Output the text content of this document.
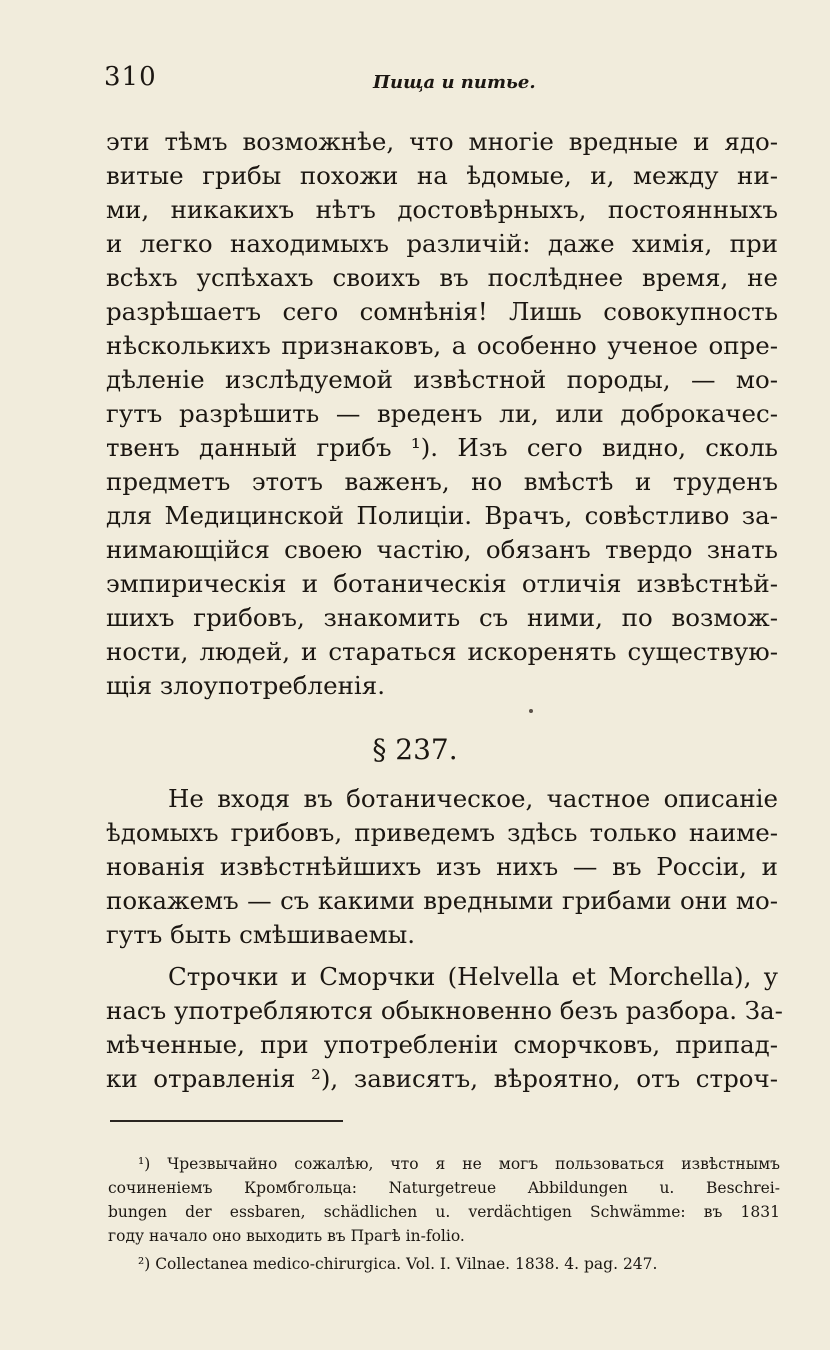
310	Пища и питье.
эти тѣмъ возможнѣе, что многіе вредные и ядо-
витые грибы похожи на ѣдомые, и, между ни-
ми, никакихъ нѣтъ достовѣрныхъ, постоянныхъ
и легко находимыхъ различій: даже химія, при
всѣхъ успѣхахъ своихъ въ послѣднее время, не
разрѣшаетъ сего сомнѣнія! Лишь совокупность
нѣсколькихъ признаковъ, а особенно ученое опре-
дѣленіе изслѣдуемой извѣстной породы, — мо-
гутъ разрѣшить — вреденъ ли, или доброкачес-
твенъ данный грибъ ¹). Изъ сего видно, сколь
предметъ этотъ важенъ, но вмѣстѣ и труденъ
для Медицинской Полиціи. Врачъ, совѣстливо за-
нимающійся своею частію, обязанъ твердо знать
эмпирическія и ботаническія отличія извѣстнѣй-
шихъ грибовъ, знакомить съ ними, по возмож-
ности, людей, и стараться искоренять существую-
щія злоупотребленія.
§ 237.
Не входя въ ботаническое, частное описаніе
ѣдомыхъ грибовъ, приведемъ здѣсь только наиме-
нованія извѣстнѣйшихъ изъ нихъ — въ Россіи, и
покажемъ — съ какими вредными грибами они мо-
гутъ быть смѣшиваемы.
Строчки и Сморчки (Helvella et Morchella), у
насъ употребляются обыкновенно безъ разбора. За-
мѣченные, при употребленіи сморчковъ, припад-
ки отравленія ²), зависятъ, вѣроятно, отъ строч-
¹) Чрезвычайно сожалѣю, что я не могъ пользоваться извѣстнымъ
сочиненіемъ Кромбгольца: Naturgetreue Abbildungen u. Beschrei-
bungen der essbaren, schädlichen u. verdächtigen Schwämme: въ 1831
году начало оно выходить въ Прагѣ in-folio.
²) Collectanea medico-chirurgica. Vol. I. Vilnae. 1838. 4. pag. 247.
